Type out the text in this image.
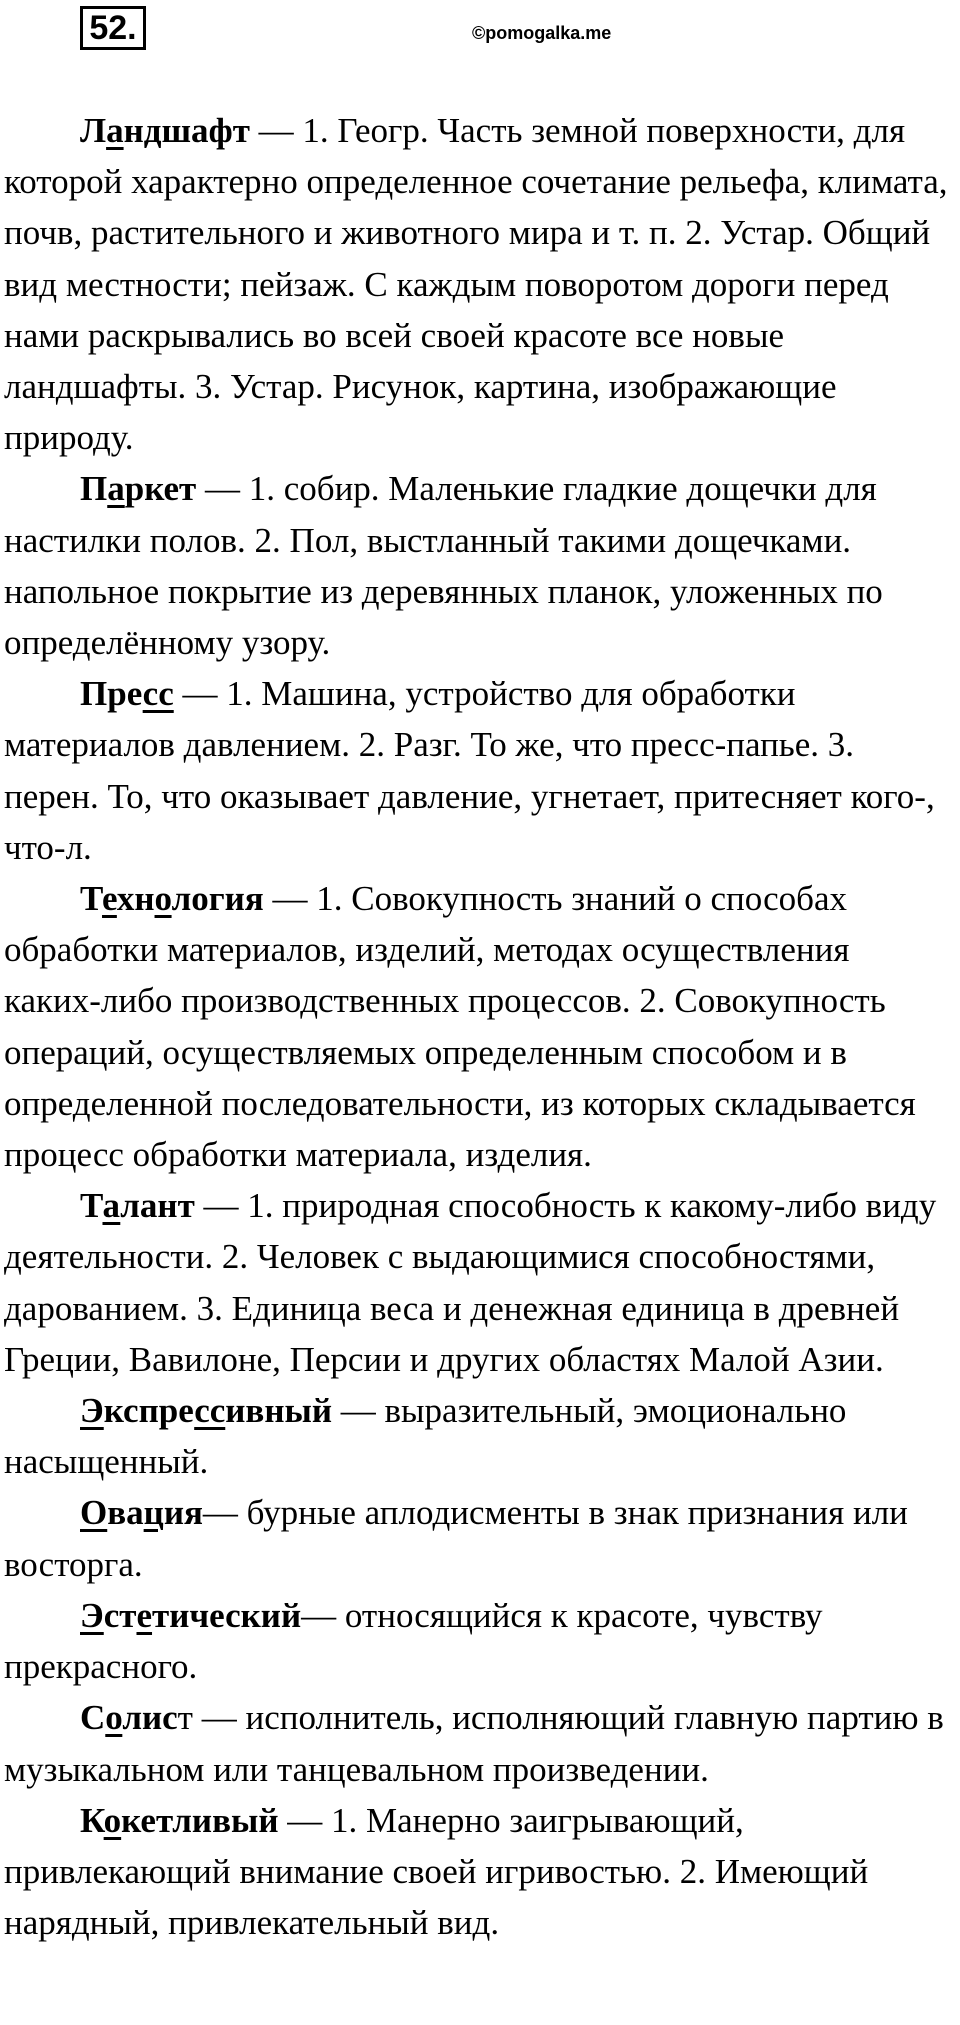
52.	©pomogalka.me

Ландшафт — 1. Геогр. Часть земной поверхности, для которой характерно определенное сочетание рельефа, климата, почв, растительного и животного мира и т. п. 2. Устар. Общий вид местности; пейзаж. С каждым поворотом дороги перед нами раскрывались во всей своей красоте все новые ландшафты. 3. Устар. Рисунок, картина, изображающие природу.

Паркет — 1. собир. Маленькие гладкие дощечки для настилки полов. 2. Пол, выстланный такими дощечками. напольное покрытие из деревянных планок, уложенных по определённому узору.

Пресс — 1. Машина, устройство для обработки материалов давлением. 2. Разг. То же, что пресс-папье. 3. перен. То, что оказывает давление, угнетает, притесняет кого-, что-л.

Технология — 1. Совокупность знаний о способах обработки материалов, изделий, методах осуществления каких-либо производственных процессов. 2. Совокупность операций, осуществляемых определенным способом и в определенной последовательности, из которых складывается процесс обработки материала, изделия.

Талант — 1. природная способность к какому-либо виду деятельности. 2. Человек с выдающимися способностями, дарованием. 3. Единица веса и денежная единица в древней Греции, Вавилоне, Персии и других областях Малой Азии.

Экспрессивный — выразительный, эмоционально насыщенный.

Овация— бурные аплодисменты в знак признания или восторга.

Эстетический— относящийся к красоте, чувству прекрасного.

Солист — исполнитель, исполняющий главную партию в музыкальном или танцевальном произведении.

Кокетливый — 1. Манерно заигрывающий, привлекающий внимание своей игривостью. 2. Имеющий нарядный, привлекательный вид.
